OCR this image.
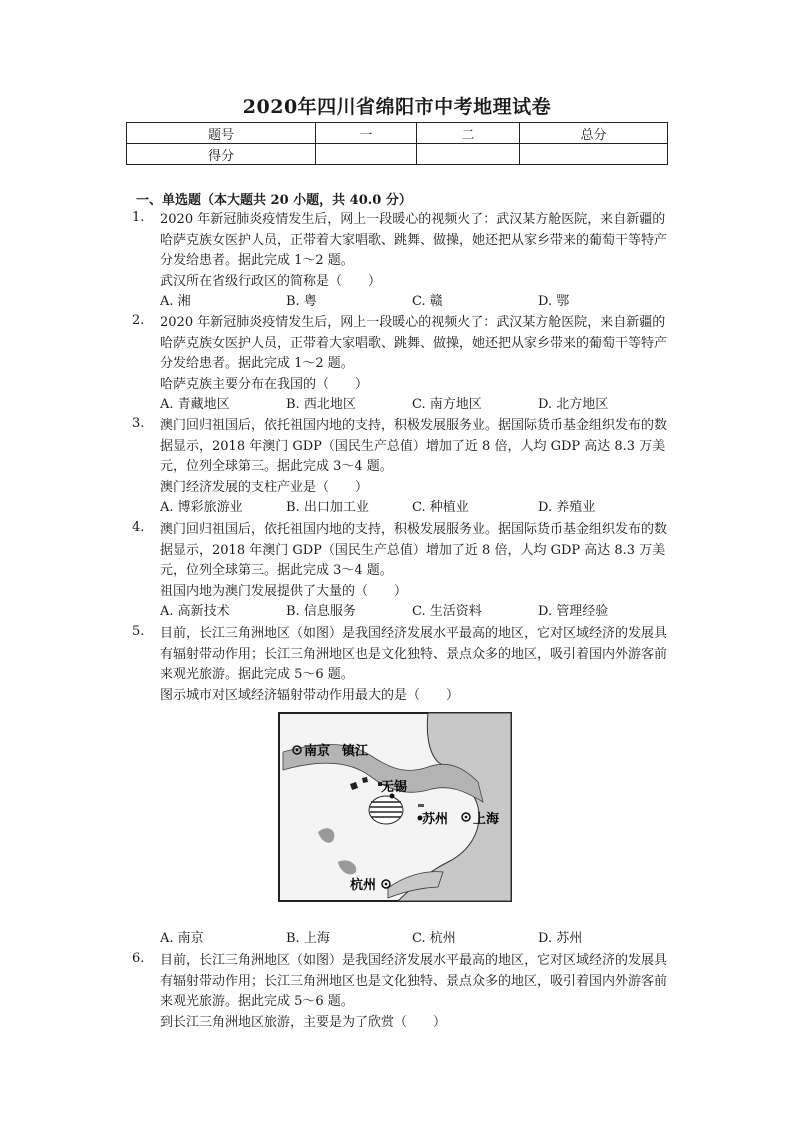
2020年四川省绵阳市中考地理试卷
题号	一	二	总分
得分			
一、单选题（本大题共 20 小题，共 40.0 分）
1. 2020 年新冠肺炎疫情发生后，网上一段暖心的视频火了：武汉某方舱医院，来自新疆的哈萨克族女医护人员，正带着大家唱歌、跳舞、做操，她还把从家乡带来的葡萄干等特产分发给患者。据此完成 1～2 题。
武汉所在省级行政区的简称是（　　）
A. 湘	B. 粤	C. 赣	D. 鄂
2. 2020 年新冠肺炎疫情发生后，网上一段暖心的视频火了：武汉某方舱医院，来自新疆的哈萨克族女医护人员，正带着大家唱歌、跳舞、做操，她还把从家乡带来的葡萄干等特产分发给患者。据此完成 1～2 题。
哈萨克族主要分布在我国的（　　）
A. 青藏地区	B. 西北地区	C. 南方地区	D. 北方地区
3. 澳门回归祖国后，依托祖国内地的支持，积极发展服务业。据国际货币基金组织发布的数据显示，2018 年澳门 GDP（国民生产总值）增加了近 8 倍，人均 GDP 高达 8.3 万美元，位列全球第三。据此完成 3～4 题。
澳门经济发展的支柱产业是（　　）
A. 博彩旅游业	B. 出口加工业	C. 种植业	D. 养殖业
4. 澳门回归祖国后，依托祖国内地的支持，积极发展服务业。据国际货币基金组织发布的数据显示，2018 年澳门 GDP（国民生产总值）增加了近 8 倍，人均 GDP 高达 8.3 万美元，位列全球第三。据此完成 3～4 题。
祖国内地为澳门发展提供了大量的（　　）
A. 高新技术	B. 信息服务	C. 生活资料	D. 管理经验
5. 目前，长江三角洲地区（如图）是我国经济发展水平最高的地区，它对区域经济的发展具有辐射带动作用；长江三角洲地区也是文化独特、景点众多的地区，吸引着国内外游客前来观光旅游。据此完成 5～6 题。
图示城市对区域经济辐射带动作用最大的是（　　）
南京 镇江
无锡
苏州 上海
杭州
A. 南京	B. 上海	C. 杭州	D. 苏州
6. 目前，长江三角洲地区（如图）是我国经济发展水平最高的地区，它对区域经济的发展具有辐射带动作用；长江三角洲地区也是文化独特、景点众多的地区，吸引着国内外游客前来观光旅游。据此完成 5～6 题。
到长江三角洲地区旅游，主要是为了欣赏（　　）
